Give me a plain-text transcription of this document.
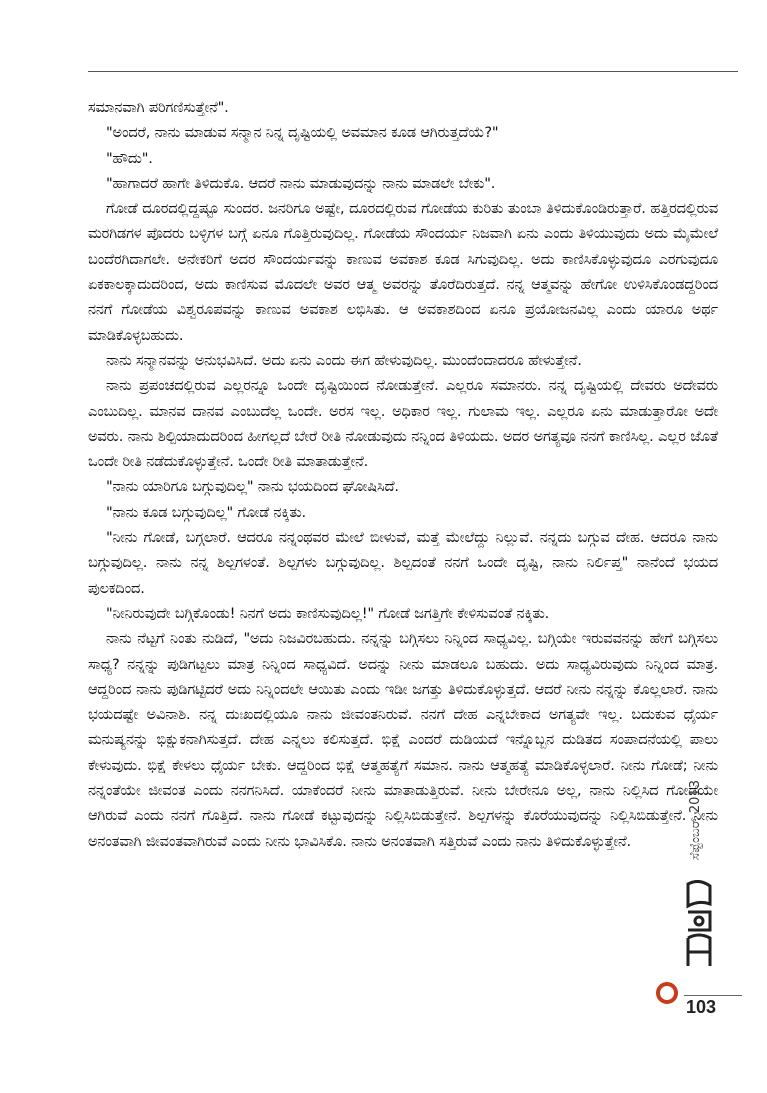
ಸಮಾನವಾಗಿ ಪರಿಗಣಿಸುತ್ತೇನೆ".

"ಅಂದರೆ, ನಾನು ಮಾಡುವ ಸನ್ಮಾನ ನಿನ್ನ ದೃಷ್ಟಿಯಲ್ಲಿ ಅವಮಾನ ಕೂಡ ಆಗಿರುತ್ತದೆಯೆ?"

"ಹೌದು".

"ಹಾಗಾದರೆ ಹಾಗೇ ತಿಳಿದುಕೊ. ಆದರೆ ನಾನು ಮಾಡುವುದನ್ನು ನಾನು ಮಾಡಲೇ ಬೇಕು".

ಗೋಡೆ ದೂರದಲ್ಲಿದ್ದಷ್ಟೂ ಸುಂದರ. ಜನರಿಗೂ ಅಷ್ಟೇ, ದೂರದಲ್ಲಿರುವ ಗೋಡೆಯ ಕುರಿತು ತುಂಬಾ ತಿಳಿದುಕೊಂಡಿರುತ್ತಾರೆ. ಹತ್ತಿರದಲ್ಲಿರುವ ಮರಗಿಡಗಳ ಪೊದರು ಬಳ್ಳಿಗಳ ಬಗ್ಗೆ ಏನೂ ಗೊತ್ತಿರುವುದಿಲ್ಲ. ಗೋಡೆಯ ಸೌಂದರ್ಯ ನಿಜವಾಗಿ ಏನು ಎಂದು ತಿಳಿಯುವುದು ಅದು ಮೈಮೇಲೆ ಬಂದೆರಗಿದಾಗಲೇ. ಅನೇಕರಿಗೆ ಅದರ ಸೌಂದರ್ಯವನ್ನು ಕಾಣುವ ಅವಕಾಶ ಕೂಡ ಸಿಗುವುದಿಲ್ಲ. ಅದು ಕಾಣಿಸಿಕೊಳ್ಳುವುದೂ ಎರಗುವುದೂ ಏಕಕಾಲಕ್ಕಾದುದರಿಂದ, ಅದು ಕಾಣಿಸುವ ಮೊದಲೇ ಅವರ ಆತ್ಮ ಅವರನ್ನು ತೊರೆದಿರುತ್ತದೆ. ನನ್ನ ಆತ್ಮವನ್ನು ಹೇಗೋ ಉಳಿಸಿಕೊಂಡದ್ದರಿಂದ ನನಗೆ ಗೋಡೆಯ ವಿಶ್ವರೂಪವನ್ನು ಕಾಣುವ ಅವಕಾಶ ಲಭಿಸಿತು. ಆ ಅವಕಾಶದಿಂದ ಏನೂ ಪ್ರಯೋಜನವಿಲ್ಲ ಎಂದು ಯಾರೂ ಅರ್ಥ ಮಾಡಿಕೊಳ್ಳಬಹುದು.

ನಾನು ಸನ್ಮಾನವನ್ನು ಅನುಭವಿಸಿದೆ. ಅದು ಏನು ಎಂದು ಈಗ ಹೇಳುವುದಿಲ್ಲ. ಮುಂದೆಂದಾದರೂ ಹೇಳುತ್ತೇನೆ.

ನಾನು ಪ್ರಪಂಚದಲ್ಲಿರುವ ಎಲ್ಲರನ್ನೂ ಒಂದೇ ದೃಷ್ಟಿಯಿಂದ ನೋಡುತ್ತೇನೆ. ಎಲ್ಲರೂ ಸಮಾನರು. ನನ್ನ ದೃಷ್ಟಿಯಲ್ಲಿ ದೇವರು ಅದೇವರು ಎಂಬುದಿಲ್ಲ. ಮಾನವ ದಾನವ ಎಂಬುದೆಲ್ಲ ಒಂದೇ. ಅರಸ ಇಲ್ಲ. ಅಧಿಕಾರ ಇಲ್ಲ. ಗುಲಾಮ ಇಲ್ಲ. ಎಲ್ಲರೂ ಏನು ಮಾಡುತ್ತಾರೋ ಅದೇ ಅವರು. ನಾನು ಶಿಲ್ಪಿಯಾದುದರಿಂದ ಹೀಗಲ್ಲದೆ ಬೇರೆ ರೀತಿ ನೋಡುವುದು ನನ್ನಿಂದ ತಿಳಿಯದು. ಅದರ ಅಗತ್ಯವೂ ನನಗೆ ಕಾಣಿಸಿಲ್ಲ. ಎಲ್ಲರ ಜೊತೆ ಒಂದೇ ರೀತಿ ನಡೆದುಕೊಳ್ಳುತ್ತೇನೆ. ಒಂದೇ ರೀತಿ ಮಾತಾಡುತ್ತೇನೆ.

"ನಾನು ಯಾರಿಗೂ ಬಗ್ಗುವುದಿಲ್ಲ" ನಾನು ಭಯದಿಂದ ಘೋಷಿಸಿದೆ.

"ನಾನು ಕೂಡ ಬಗ್ಗುವುದಿಲ್ಲ" ಗೋಡೆ ನಕ್ಕಿತು.

"ನೀನು ಗೋಡೆ, ಬಗ್ಗಲಾರೆ. ಆದರೂ ನನ್ನಂಥವರ ಮೇಲೆ ಬೀಳುವೆ, ಮತ್ತೆ ಮೇಲೆದ್ದು ನಿಲ್ಲುವೆ. ನನ್ನದು ಬಗ್ಗುವ ದೇಹ. ಆದರೂ ನಾನು ಬಗ್ಗುವುದಿಲ್ಲ. ನಾನು ನನ್ನ ಶಿಲ್ಪಗಳಂತೆ. ಶಿಲ್ಪಗಳು ಬಗ್ಗುವುದಿಲ್ಲ. ಶಿಲ್ಪದಂತೆ ನನಗೆ ಒಂದೇ ದೃಷ್ಟಿ, ನಾನು ನಿರ್ಲಿಪ್ತ" ನಾನೆಂದೆ ಭಯದ ಪುಲಕದಿಂದ.

"ನೀನಿರುವುದೇ ಬಗ್ಗಿಕೊಂಡು! ನಿನಗೆ ಅದು ಕಾಣಿಸುವುದಿಲ್ಲ!" ಗೋಡೆ ಜಗತ್ತಿಗೇ ಕೇಳಿಸುವಂತೆ ನಕ್ಕಿತು.

ನಾನು ನೆಟ್ಟಗೆ ನಿಂತು ನುಡಿದೆ, "ಅದು ನಿಜವಿರಬಹುದು. ನನ್ನನ್ನು ಬಗ್ಗಿಸಲು ನಿನ್ನಿಂದ ಸಾಧ್ಯವಿಲ್ಲ. ಬಗ್ಗಿಯೇ ಇರುವವನನ್ನು ಹೇಗೆ ಬಗ್ಗಿಸಲು ಸಾಧ್ಯ? ನನ್ನನ್ನು ಪುಡಿಗಟ್ಟಲು ಮಾತ್ರ ನಿನ್ನಿಂದ ಸಾಧ್ಯವಿದೆ. ಅದನ್ನು ನೀನು ಮಾಡಲೂ ಬಹುದು. ಅದು ಸಾಧ್ಯವಿರುವುದು ನಿನ್ನಿಂದ ಮಾತ್ರ. ಆದ್ದರಿಂದ ನಾನು ಪುಡಿಗಟ್ಟಿದರೆ ಅದು ನಿನ್ನಿಂದಲೇ ಆಯಿತು ಎಂದು ಇಡೀ ಜಗತ್ತು ತಿಳಿದುಕೊಳ್ಳುತ್ತದೆ. ಆದರೆ ನೀನು ನನ್ನನ್ನು ಕೊಲ್ಲಲಾರೆ. ನಾನು ಭಯದಷ್ಟೇ ಅವಿನಾಶಿ. ನನ್ನ ದುಃಖದಲ್ಲಿಯೂ ನಾನು ಜೀವಂತನಿರುವೆ. ನನಗೆ ದೇಹ ಎನ್ನಬೇಕಾದ ಅಗತ್ಯವೇ ಇಲ್ಲ. ಬದುಕುವ ಧೈರ್ಯ ಮನುಷ್ಯನನ್ನು ಭಿಕ್ಷುಕನಾಗಿಸುತ್ತದೆ. ದೇಹ ಎನ್ನಲು ಕಲಿಸುತ್ತದೆ. ಭಿಕ್ಷೆ ಎಂದರೆ ದುಡಿಯದೆ ಇನ್ನೊಬ್ಬನ ದುಡಿತದ ಸಂಪಾದನೆಯಲ್ಲಿ ಪಾಲು ಕೇಳುವುದು. ಭಿಕ್ಷೆ ಕೇಳಲು ಧೈರ್ಯ ಬೇಕು. ಆದ್ದರಿಂದ ಭಿಕ್ಷೆ ಆತ್ಮಹತ್ಯೆಗೆ ಸಮಾನ. ನಾನು ಆತ್ಮಹತ್ಯೆ ಮಾಡಿಕೊಳ್ಳಲಾರೆ. ನೀನು ಗೋಡೆ; ನೀನು ನನ್ನಂತೆಯೇ ಜೀವಂತ ಎಂದು ನನಗನಿಸಿದೆ. ಯಾಕೆಂದರೆ ನೀನು ಮಾತಾಡುತ್ತಿರುವೆ. ನೀನು ಬೇರೇನೂ ಅಲ್ಲ, ನಾನು ನಿಲ್ಲಿಸಿದ ಗೋಡೆಯೇ ಆಗಿರುವೆ ಎಂದು ನನಗೆ ಗೊತ್ತಿದೆ. ನಾನು ಗೋಡೆ ಕಟ್ಟುವುದನ್ನು ನಿಲ್ಲಿಸಿಬಿಡುತ್ತೇನೆ. ಶಿಲ್ಪಗಳನ್ನು ಕೊರೆಯುವುದನ್ನು ನಿಲ್ಲಿಸಿಬಿಡುತ್ತೇನೆ. ನೀನು ಅನಂತವಾಗಿ ಜೀವಂತವಾಗಿರುವೆ ಎಂದು ನೀನು ಭಾವಿಸಿಕೊ. ನಾನು ಅನಂತವಾಗಿ ಸತ್ತಿರುವೆ ಎಂದು ನಾನು ತಿಳಿದುಕೊಳ್ಳುತ್ತೇನೆ.	ಸೆಪ್ಟೆಂಬರ್ 2013
103
